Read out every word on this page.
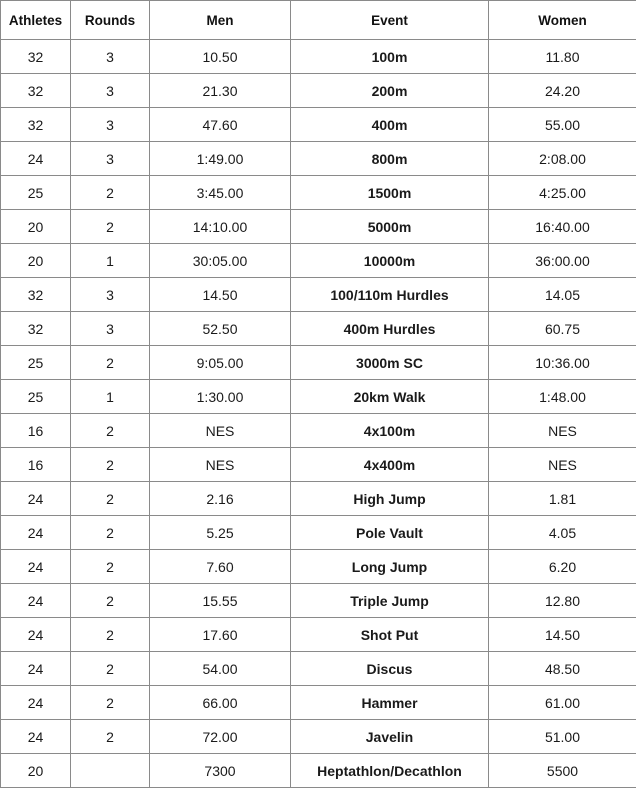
Athletes	Rounds	Men	Event	Women
32	3	10.50	100m	11.80
32	3	21.30	200m	24.20
32	3	47.60	400m	55.00
24	3	1:49.00	800m	2:08.00
25	2	3:45.00	1500m	4:25.00
20	2	14:10.00	5000m	16:40.00
20	1	30:05.00	10000m	36:00.00
32	3	14.50	100/110m Hurdles	14.05
32	3	52.50	400m Hurdles	60.75
25	2	9:05.00	3000m SC	10:36.00
25	1	1:30.00	20km Walk	1:48.00
16	2	NES	4x100m	NES
16	2	NES	4x400m	NES
24	2	2.16	High Jump	1.81
24	2	5.25	Pole Vault	4.05
24	2	7.60	Long Jump	6.20
24	2	15.55	Triple Jump	12.80
24	2	17.60	Shot Put	14.50
24	2	54.00	Discus	48.50
24	2	66.00	Hammer	61.00
24	2	72.00	Javelin	51.00
20		7300	Heptathlon/Decathlon	5500
